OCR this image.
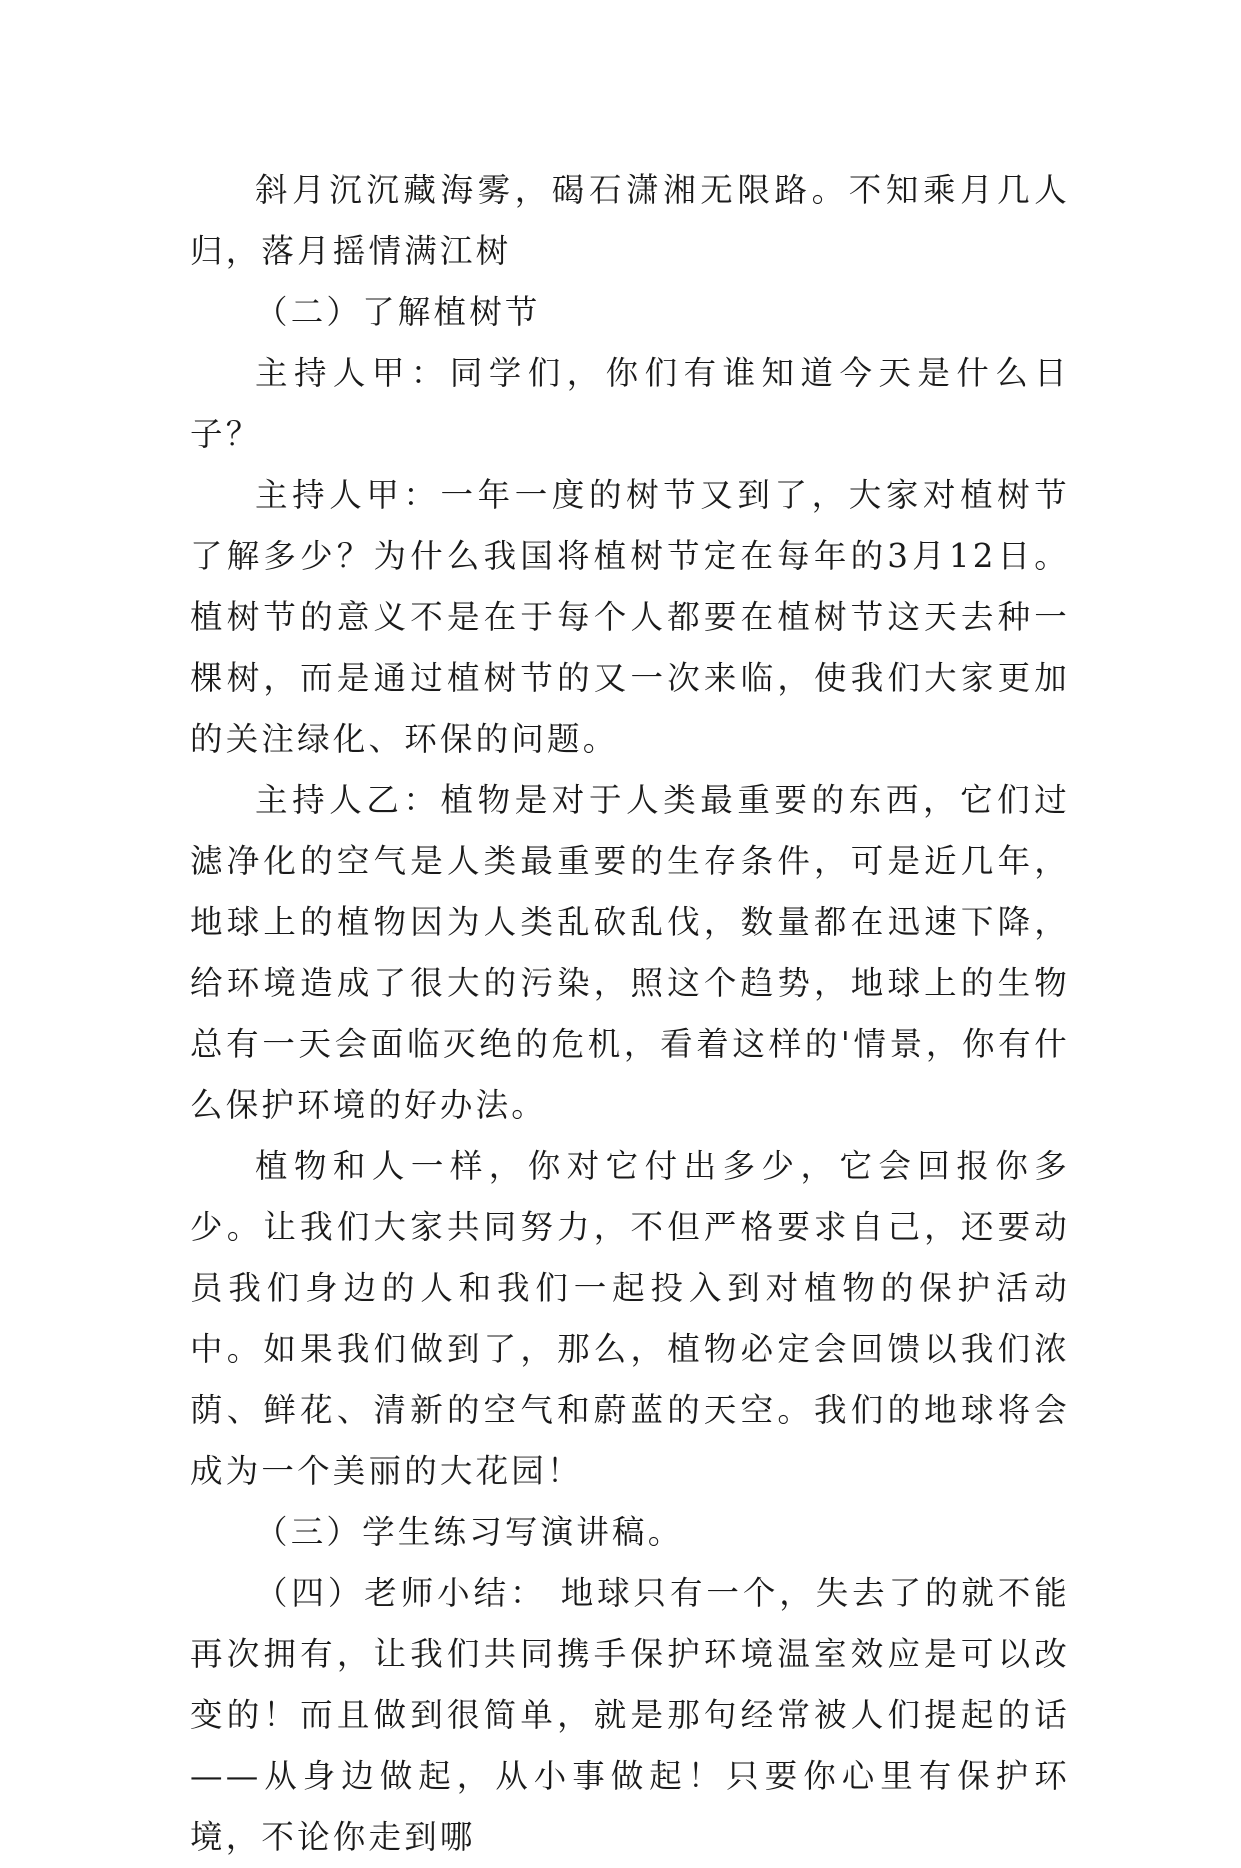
斜月沉沉藏海雾，碣石潇湘无限路。不知乘月几人归，落月摇情满江树

（二）了解植树节

主持人甲：同学们，你们有谁知道今天是什么日子？

主持人甲：一年一度的树节又到了，大家对植树节了解多少？为什么我国将植树节定在每年的3月12日。植树节的意义不是在于每个人都要在植树节这天去种一棵树，而是通过植树节的又一次来临，使我们大家更加的关注绿化、环保的问题。

主持人乙：植物是对于人类最重要的东西，它们过滤净化的空气是人类最重要的生存条件，可是近几年，地球上的植物因为人类乱砍乱伐，数量都在迅速下降，给环境造成了很大的污染，照这个趋势，地球上的生物总有一天会面临灭绝的危机，看着这样的'情景，你有什么保护环境的好办法。

植物和人一样，你对它付出多少，它会回报你多少。让我们大家共同努力，不但严格要求自己，还要动员我们身边的人和我们一起投入到对植物的保护活动中。如果我们做到了，那么，植物必定会回馈以我们浓荫、鲜花、清新的空气和蔚蓝的天空。我们的地球将会成为一个美丽的大花园！

（三）学生练习写演讲稿。

（四）老师小结： 地球只有一个，失去了的就不能再次拥有，让我们共同携手保护环境温室效应是可以改变的！而且做到很简单，就是那句经常被人们提起的话——从身边做起，从小事做起！只要你心里有保护环境，不论你走到哪
